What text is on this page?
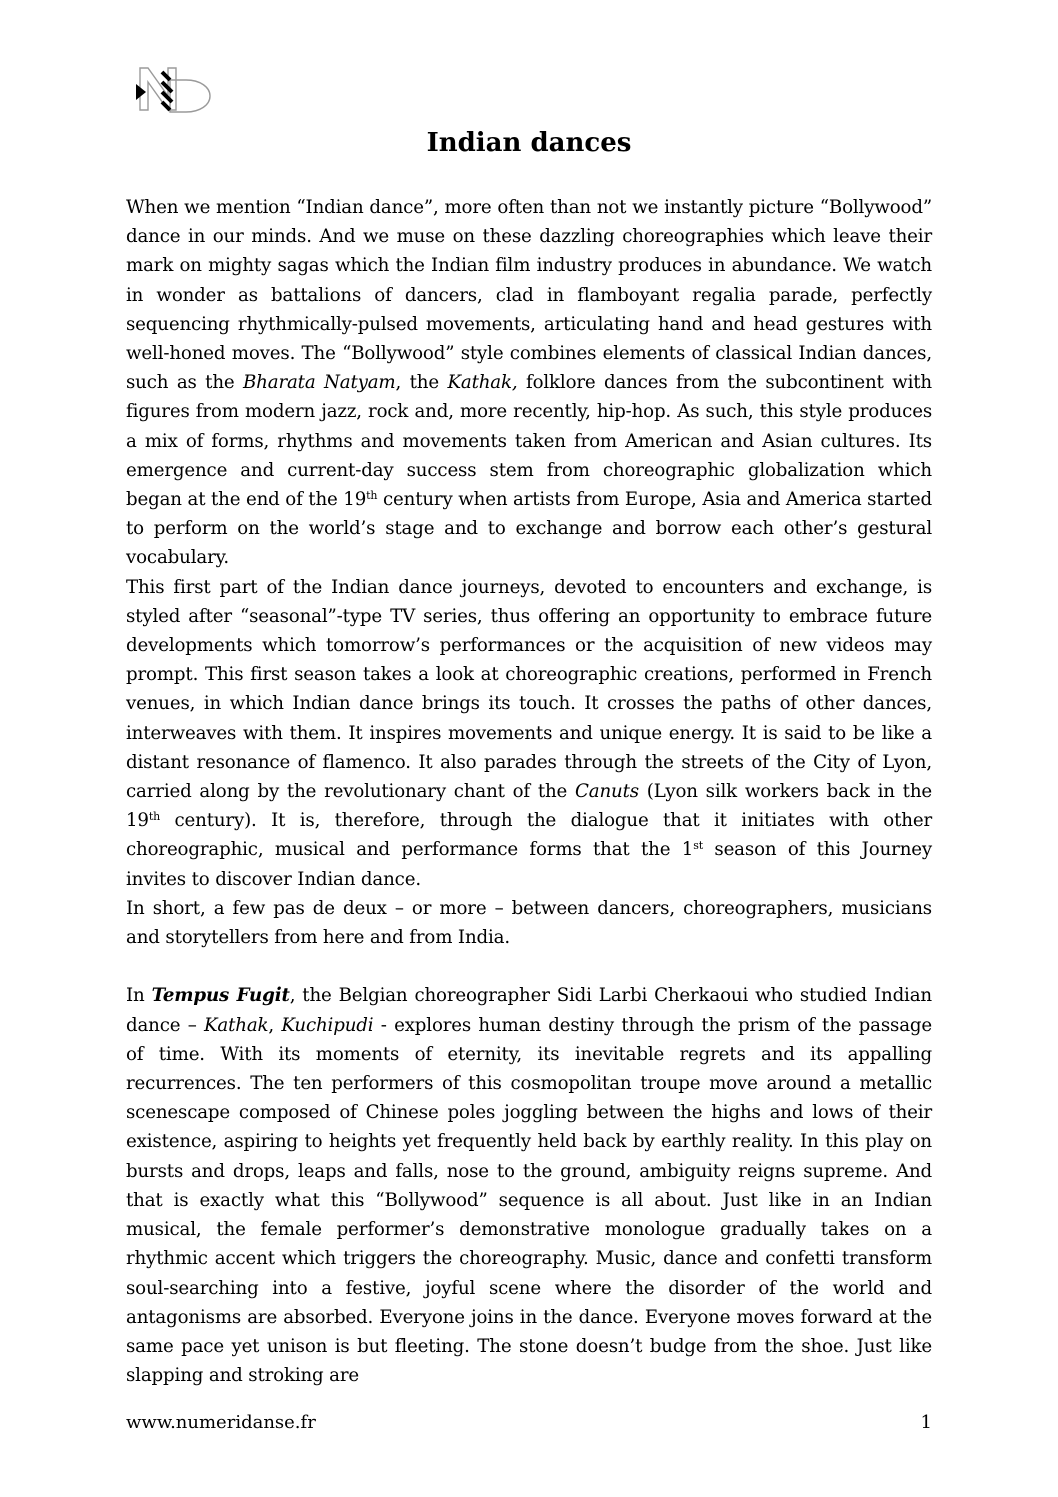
Indian dances

When we mention “Indian dance”, more often than not we instantly picture “Bollywood” dance in our minds. And we muse on these dazzling choreographies which leave their mark on mighty sagas which the Indian film industry produces in abundance. We watch in wonder as battalions of dancers, clad in flamboyant regalia parade, perfectly sequencing rhythmically-pulsed movements, articulating hand and head gestures with well-honed moves. The “Bollywood” style combines elements of classical Indian dances, such as the Bharata Natyam, the Kathak, folklore dances from the subcontinent with figures from modern jazz, rock and, more recently, hip-hop. As such, this style produces a mix of forms, rhythms and movements taken from American and Asian cultures. Its emergence and current-day success stem from choreographic globalization which began at the end of the 19th century when artists from Europe, Asia and America started to perform on the world’s stage and to exchange and borrow each other’s gestural vocabulary.

This first part of the Indian dance journeys, devoted to encounters and exchange, is styled after “seasonal”-type TV series, thus offering an opportunity to embrace future developments which tomorrow’s performances or the acquisition of new videos may prompt. This first season takes a look at choreographic creations, performed in French venues, in which Indian dance brings its touch. It crosses the paths of other dances, interweaves with them. It inspires movements and unique energy. It is said to be like a distant resonance of flamenco. It also parades through the streets of the City of Lyon, carried along by the revolutionary chant of the Canuts (Lyon silk workers back in the 19th century). It is, therefore, through the dialogue that it initiates with other choreographic, musical and performance forms that the 1st season of this Journey invites to discover Indian dance.

In short, a few pas de deux – or more – between dancers, choreographers, musicians and storytellers from here and from India.

In Tempus Fugit, the Belgian choreographer Sidi Larbi Cherkaoui who studied Indian dance – Kathak, Kuchipudi - explores human destiny through the prism of the passage of time. With its moments of eternity, its inevitable regrets and its appalling recurrences. The ten performers of this cosmopolitan troupe move around a metallic scenescape composed of Chinese poles joggling between the highs and lows of their existence, aspiring to heights yet frequently held back by earthly reality. In this play on bursts and drops, leaps and falls, nose to the ground, ambiguity reigns supreme. And that is exactly what this “Bollywood” sequence is all about. Just like in an Indian musical, the female performer’s demonstrative monologue gradually takes on a rhythmic accent which triggers the choreography. Music, dance and confetti transform soul-searching into a festive, joyful scene where the disorder of the world and antagonisms are absorbed. Everyone joins in the dance. Everyone moves forward at the same pace yet unison is but fleeting. The stone doesn’t budge from the shoe. Just like slapping and stroking are

www.numeridanse.fr	1
